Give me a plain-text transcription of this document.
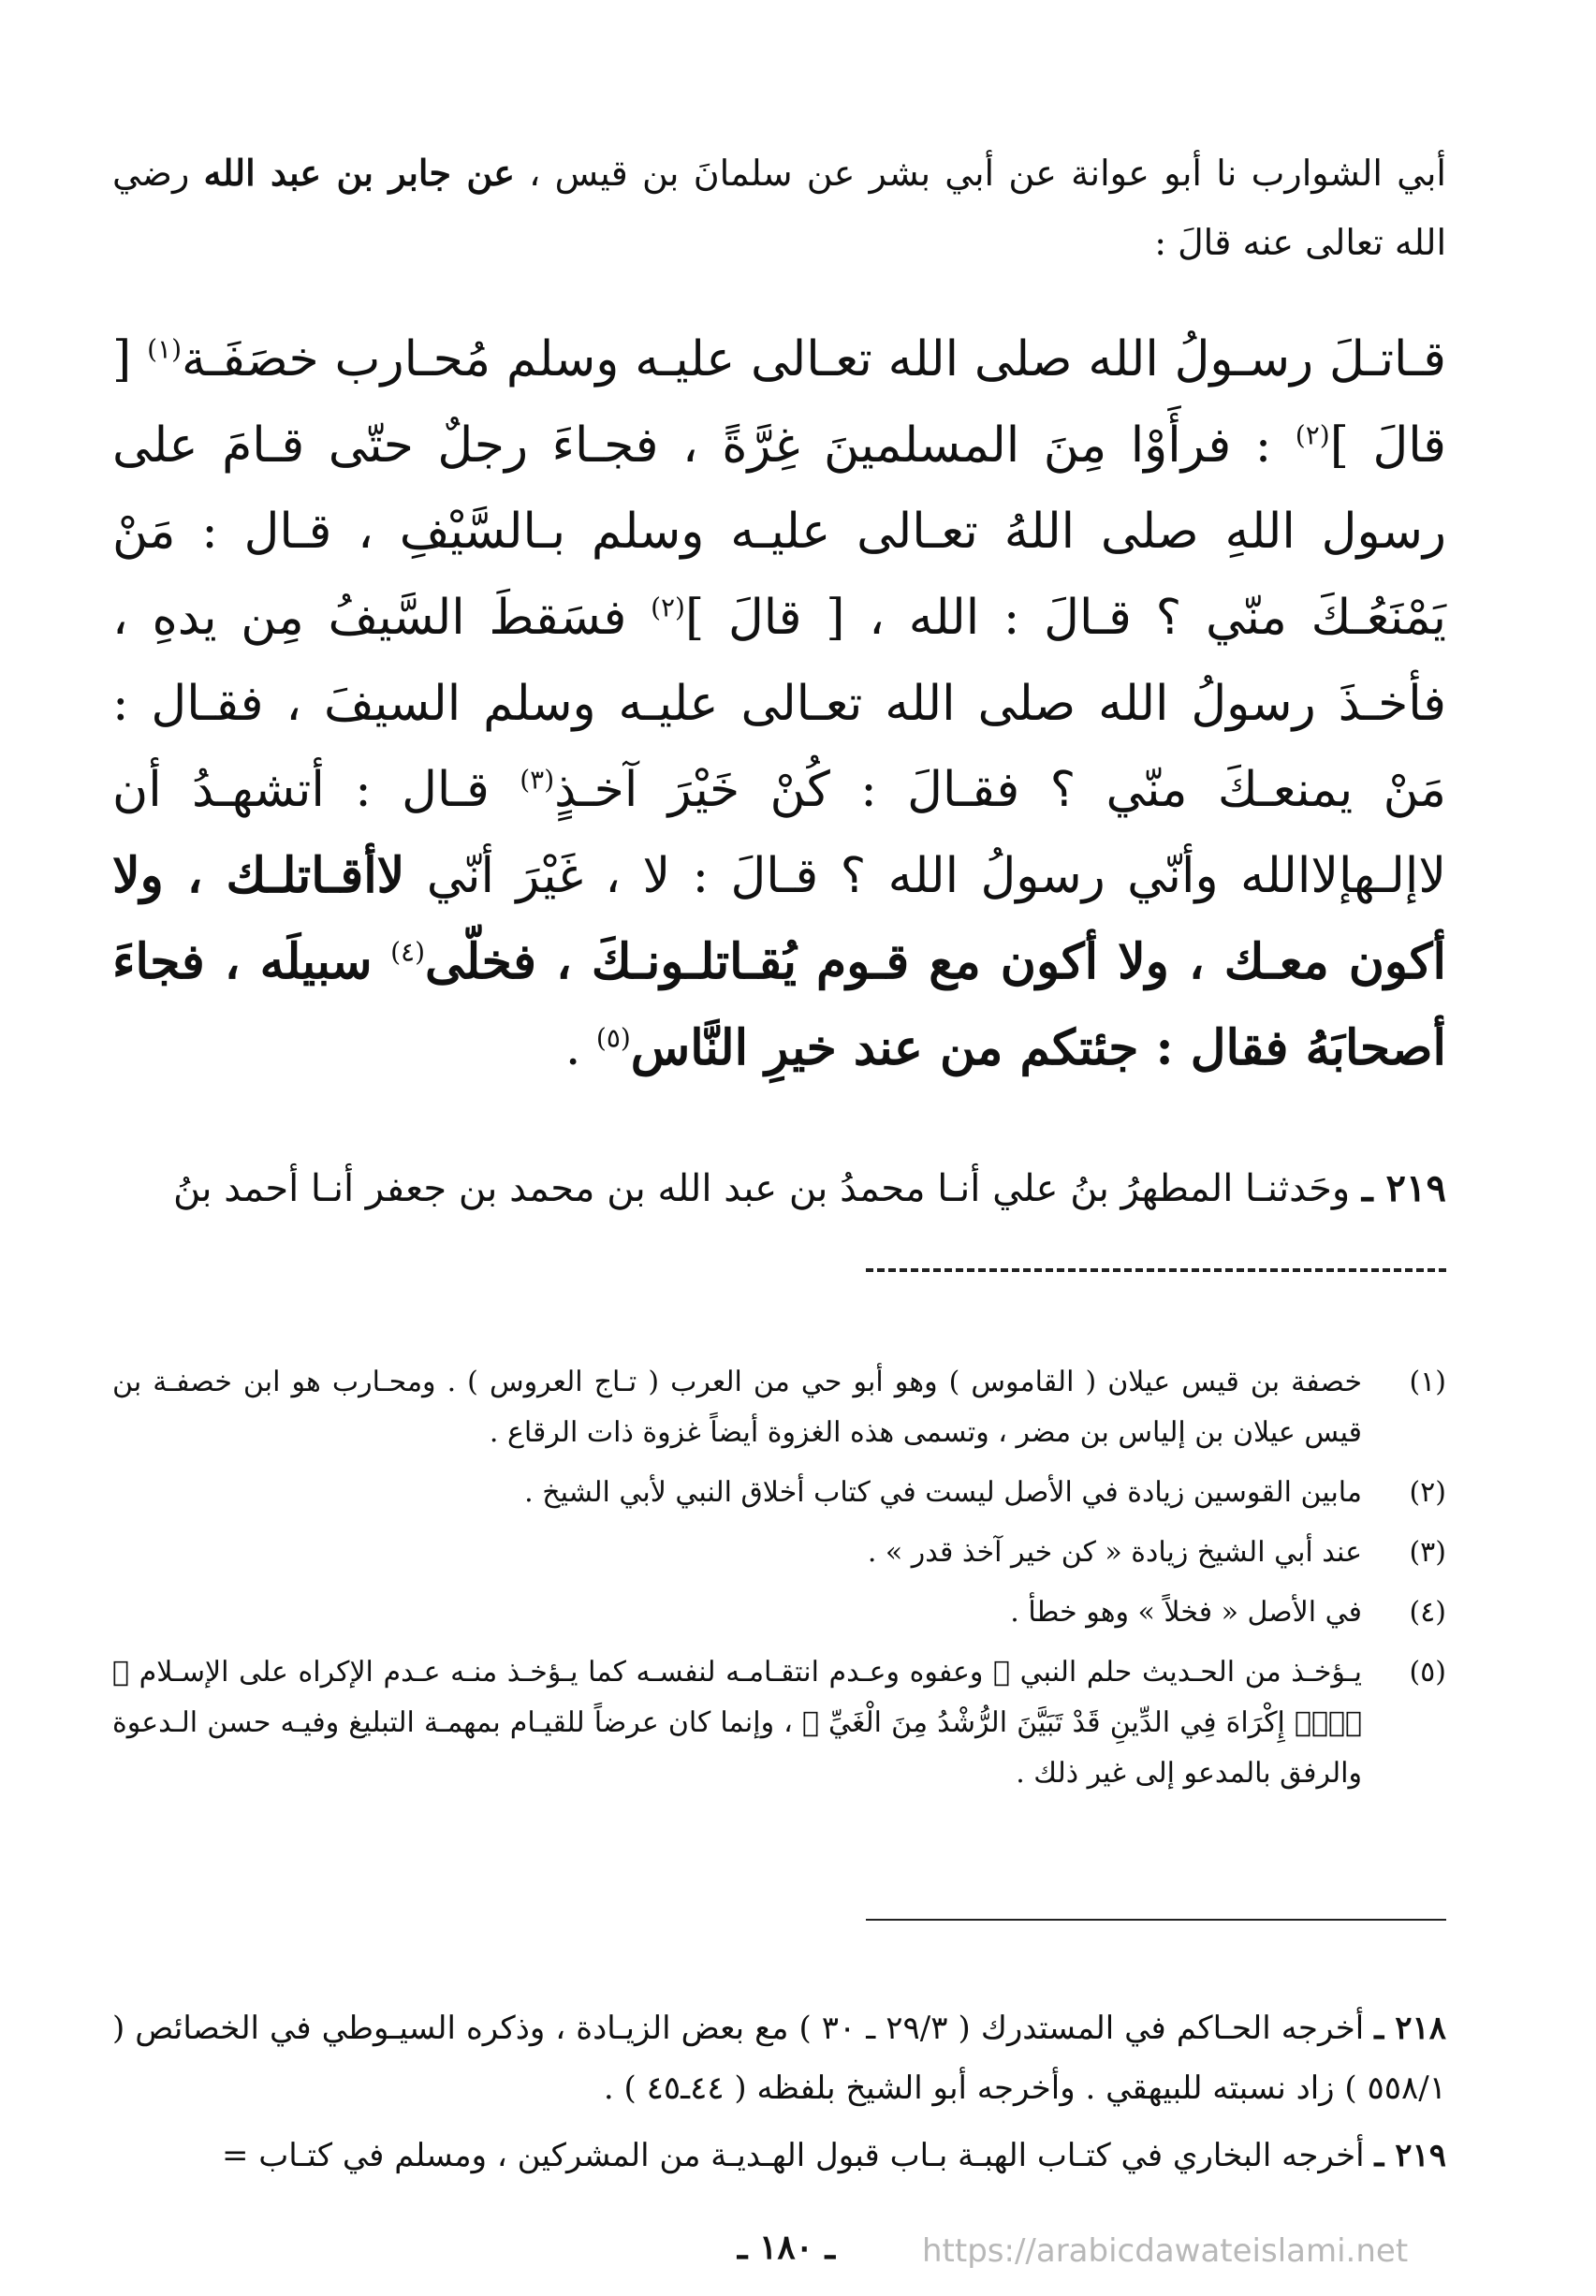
أبي الشوارب نا أبو عوانة عن أبي بشر عن سلمانَ بن قيس ، عن جابر بن عبد الله رضي الله تعالى عنه قالَ :
قـاتـلَ رسـولُ الله صلى الله تعـالى عليـه وسلم مُحـارب خصَفَـة$^{(١)}$ [ قالَ ]$^{(٢)}$ : فرأَوْا مِنَ المسلمينَ غِرَّةً ، فجـاءَ رجلٌ حتّى قـامَ على رسول اللهِ صلى اللهُ تعـالى عليـه وسلم بـالسَّيْفِ ، قـال : مَنْ يَمْنَعُـكَ منّي ؟ قـالَ : الله ، [ قالَ ]$^{(٢)}$ فسَقطَ السَّيفُ مِن يدهِ ، فأخـذَ رسولُ الله صلى الله تعـالى عليـه وسلم السيفَ ، فقـال : مَنْ يمنعـكَ منّي ؟ فقـالَ : كُنْ خَيْرَ آخـذٍ$^{(٣)}$ قـال : أتشهـدُ أن لاإلـهإلاالله وأنّي رسولُ الله ؟ قـالَ : لا ، غَيْرَ أنّي لاأقـاتلـك ، ولا أكون معـك ، ولا أكون مع قـوم يُقـاتلـونـكَ ، فخلّى$^{(٤)}$ سبيلَه ، فجاءَ أصحابَهُ فقال : جئتكم من عند خيرِ النَّاس$^{(٥)}$ .
٢١٩ ـ وحَدثنـا المطهرُ بنُ علي أنـا محمدُ بن عبد الله بن محمد بن جعفر أنـا أحمد بنُ
(١)
خصفة بن قيس عيلان ( القاموس ) وهو أبو حي من العرب ( تـاج العروس ) . ومحـارب هو ابن خصفـة بن قيس عيلان بن إلياس بن مضر ، وتسمى هذه الغزوة أيضاً غزوة ذات الرقاع .
(٢)
مابين القوسين زيادة في الأصل ليست في كتاب أخلاق النبي لأبي الشيخ .
(٣)
عند أبي الشيخ زيادة « كن خير آخذ قدر » .
(٤)
في الأصل « فخلاً » وهو خطأ .
(٥)
يـؤخـذ من الحـديث حلم النبي ﷺ وعفوه وعـدم انتقـامـه لنفسـه كما يـؤخـذ منـه عـدم الإكراه على الإسـلام ﴿ لَاۤ إِكْرَاهَ فِي الدِّينِ قَدْ تَبَيَّنَ الرُّشْدُ مِنَ الْغَيِّ ﴾ ، وإنما كان عرضاً للقيـام بمهمـة التبليغ وفيـه حسن الـدعوة والرفق بالمدعو إلى غير ذلك .
٢١٨ ـ أخرجه الحـاكم في المستدرك ( ٢٩/٣ ـ ٣٠ ) مع بعض الزيـادة ، وذكره السيـوطي في الخصائص ( ٥٥٨/١ ) زاد نسبته للبيهقي . وأخرجه أبو الشيخ بلفظه ( ٤٤ـ٤٥ ) .
٢١٩ ـ أخرجه البخاري في كتـاب الهبـة بـاب قبول الهـديـة من المشركين ، ومسلم في كتـاب =
ـ ١٨٠ ـ	https://arabicdawateislami.net
